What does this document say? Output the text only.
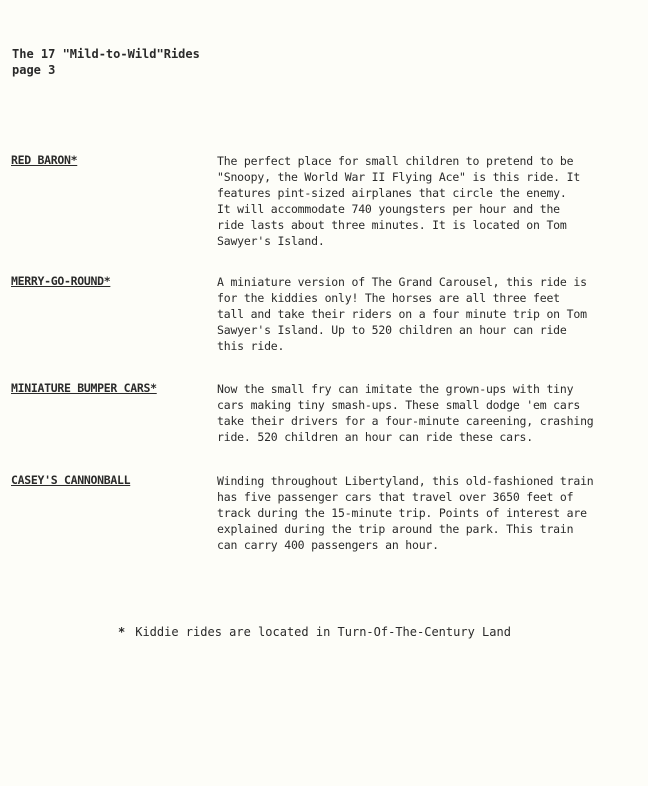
The 17 "Mild-to-Wild"Rides
page 3
RED BARON*	The perfect place for small children to pretend to be
"Snoopy, the World War II Flying Ace" is this ride. It
features pint-sized airplanes that circle the enemy.
It will accommodate 740 youngsters per hour and the
ride lasts about three minutes. It is located on Tom
Sawyer's Island.
MERRY-GO-ROUND*	A miniature version of The Grand Carousel, this ride is
for the kiddies only! The horses are all three feet
tall and take their riders on a four minute trip on Tom
Sawyer's Island. Up to 520 children an hour can ride
this ride.
MINIATURE BUMPER CARS*	Now the small fry can imitate the grown-ups with tiny
cars making tiny smash-ups. These small dodge 'em cars
take their drivers for a four-minute careening, crashing
ride. 520 children an hour can ride these cars.
CASEY'S CANNONBALL	Winding throughout Libertyland, this old-fashioned train
has five passenger cars that travel over 3650 feet of
track during the 15-minute trip. Points of interest are
explained during the trip around the park. This train
can carry 400 passengers an hour.
* Kiddie rides are located in Turn-Of-The-Century Land
